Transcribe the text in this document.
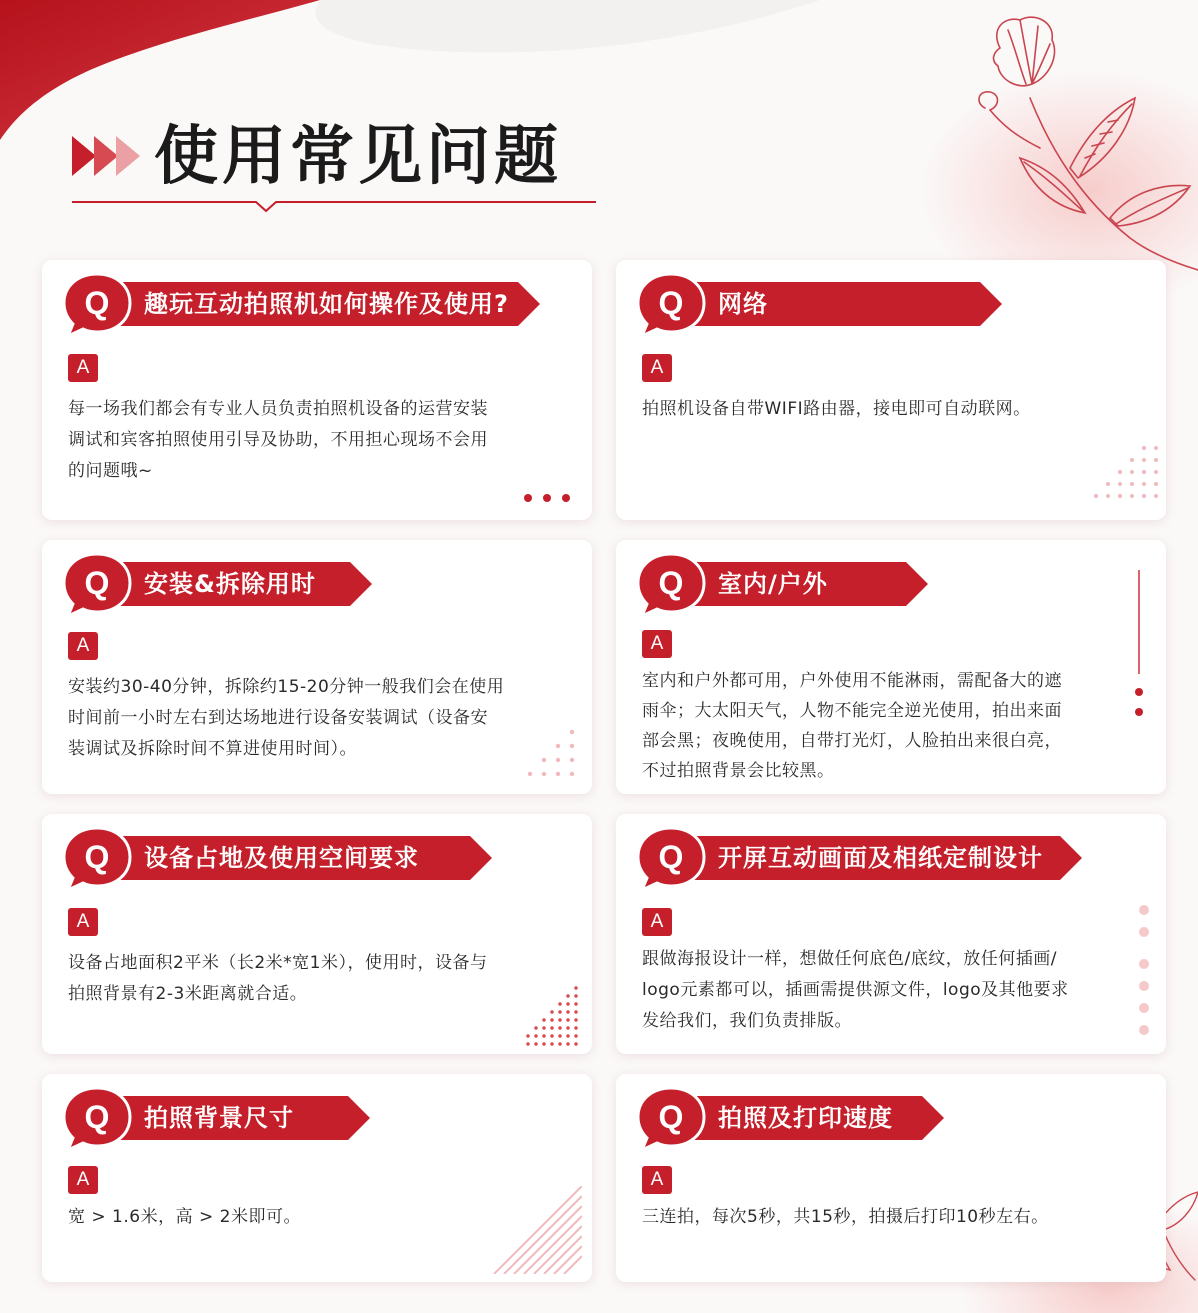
使用常见问题
Q 趣玩互动拍照机如何操作及使用?
A
每一场我们都会有专业人员负责拍照机设备的运营安装
调试和宾客拍照使用引导及协助，不用担心现场不会用
的问题哦~
Q 网络
A
拍照机设备自带WIFI路由器，接电即可自动联网。
Q 安装&拆除用时
A
安装约30-40分钟，拆除约15-20分钟一般我们会在使用
时间前一小时左右到达场地进行设备安装调试（设备安
装调试及拆除时间不算进使用时间）。
Q 室内/户外
A
室内和户外都可用，户外使用不能淋雨，需配备大的遮
雨伞；大太阳天气，人物不能完全逆光使用，拍出来面
部会黑；夜晚使用，自带打光灯，人脸拍出来很白亮，
不过拍照背景会比较黑。
Q 设备占地及使用空间要求
A
设备占地面积2平米（长2米*宽1米），使用时，设备与
拍照背景有2-3米距离就合适。
Q 开屏互动画面及相纸定制设计
A
跟做海报设计一样，想做任何底色/底纹，放任何插画/
logo元素都可以，插画需提供源文件，logo及其他要求
发给我们，我们负责排版。
Q 拍照背景尺寸
A
宽 > 1.6米，高 > 2米即可。
Q 拍照及打印速度
A
三连拍，每次5秒，共15秒，拍摄后打印10秒左右。
